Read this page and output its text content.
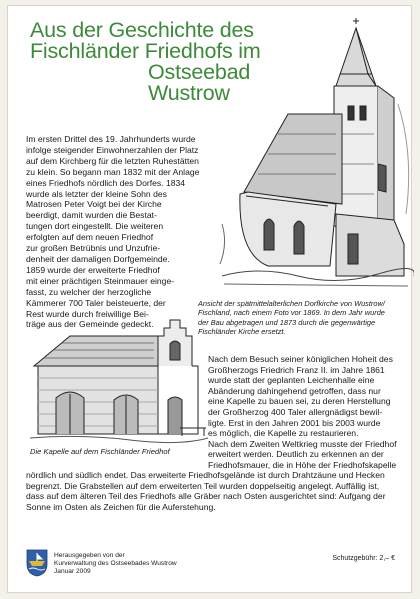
Aus der Geschichte des
Fischländer Friedhofs im
Ostseebad
Wustrow
Im ersten Drittel des 19. Jahrhunderts wurde
infolge steigender Einwohnerzahlen der Platz
auf dem Kirchberg für die letzten Ruhestätten
zu klein. So begann man 1832 mit der Anlage
eines Friedhofs nördlich des Dorfes. 1834
wurde als letzter der kleine Sohn des
Matrosen Peter Voigt bei der Kirche
beerdigt, damit wurden die Bestat-
tungen dort eingestellt. Die weiteren
erfolgten auf dem neuen Friedhof
zur großen Betrübnis und Unzufrie-
denheit der damaligen Dorfgemeinde.
1859 wurde der erweiterte Friedhof
mit einer prächtigen Steinmauer einge-
fasst, zu welcher der herzogliche
Kämmerer 700 Taler beisteuerte, der
Rest wurde durch freiwillige Bei-
träge aus der Gemeinde gedeckt.
Ansicht der spätmittelalterlichen Dorfkirche von Wustrow/
Fischland, nach einem Foto vor 1869. In dem Jahr wurde
der Bau abgetragen und 1873 durch die gegenwärtige
Fischländer Kirche ersetzt.
Die Kapelle auf dem Fischländer Friedhof
Nach dem Besuch seiner königlichen Hoheit des
Großherzogs Friedrich Franz II. im Jahre 1861
wurde statt der geplanten Leichenhalle eine
Abänderung dahingehend getroffen, dass nur
eine Kapelle zu bauen sei, zu deren Herstellung
der Großherzog 400 Taler allergnädigst bewil-
ligte. Erst in den Jahren 2001 bis 2003 wurde
es möglich, die Kapelle zu restaurieren.
Nach dem Zweiten Weltkrieg musste der Friedhof
erweitert werden. Deutlich zu erkennen an der
Friedhofsmauer, die in Höhe der Friedhofskapelle
nördlich und südlich endet. Das erweiterte Friedhofsgelände ist durch Drahtzäune und Hecken
begrenzt. Die Grabstellen auf dem erweiterten Teil wurden doppelseitig angelegt. Auffällig ist,
dass auf dem älteren Teil des Friedhofs alle Gräber nach Osten ausgerichtet sind: Aufgang der
Sonne im Osten als Zeichen für die Auferstehung.
Herausgegeben von der
Kurverwaltung des Ostseebades Wustrow
Januar 2009
Schutzgebühr: 2,– €
